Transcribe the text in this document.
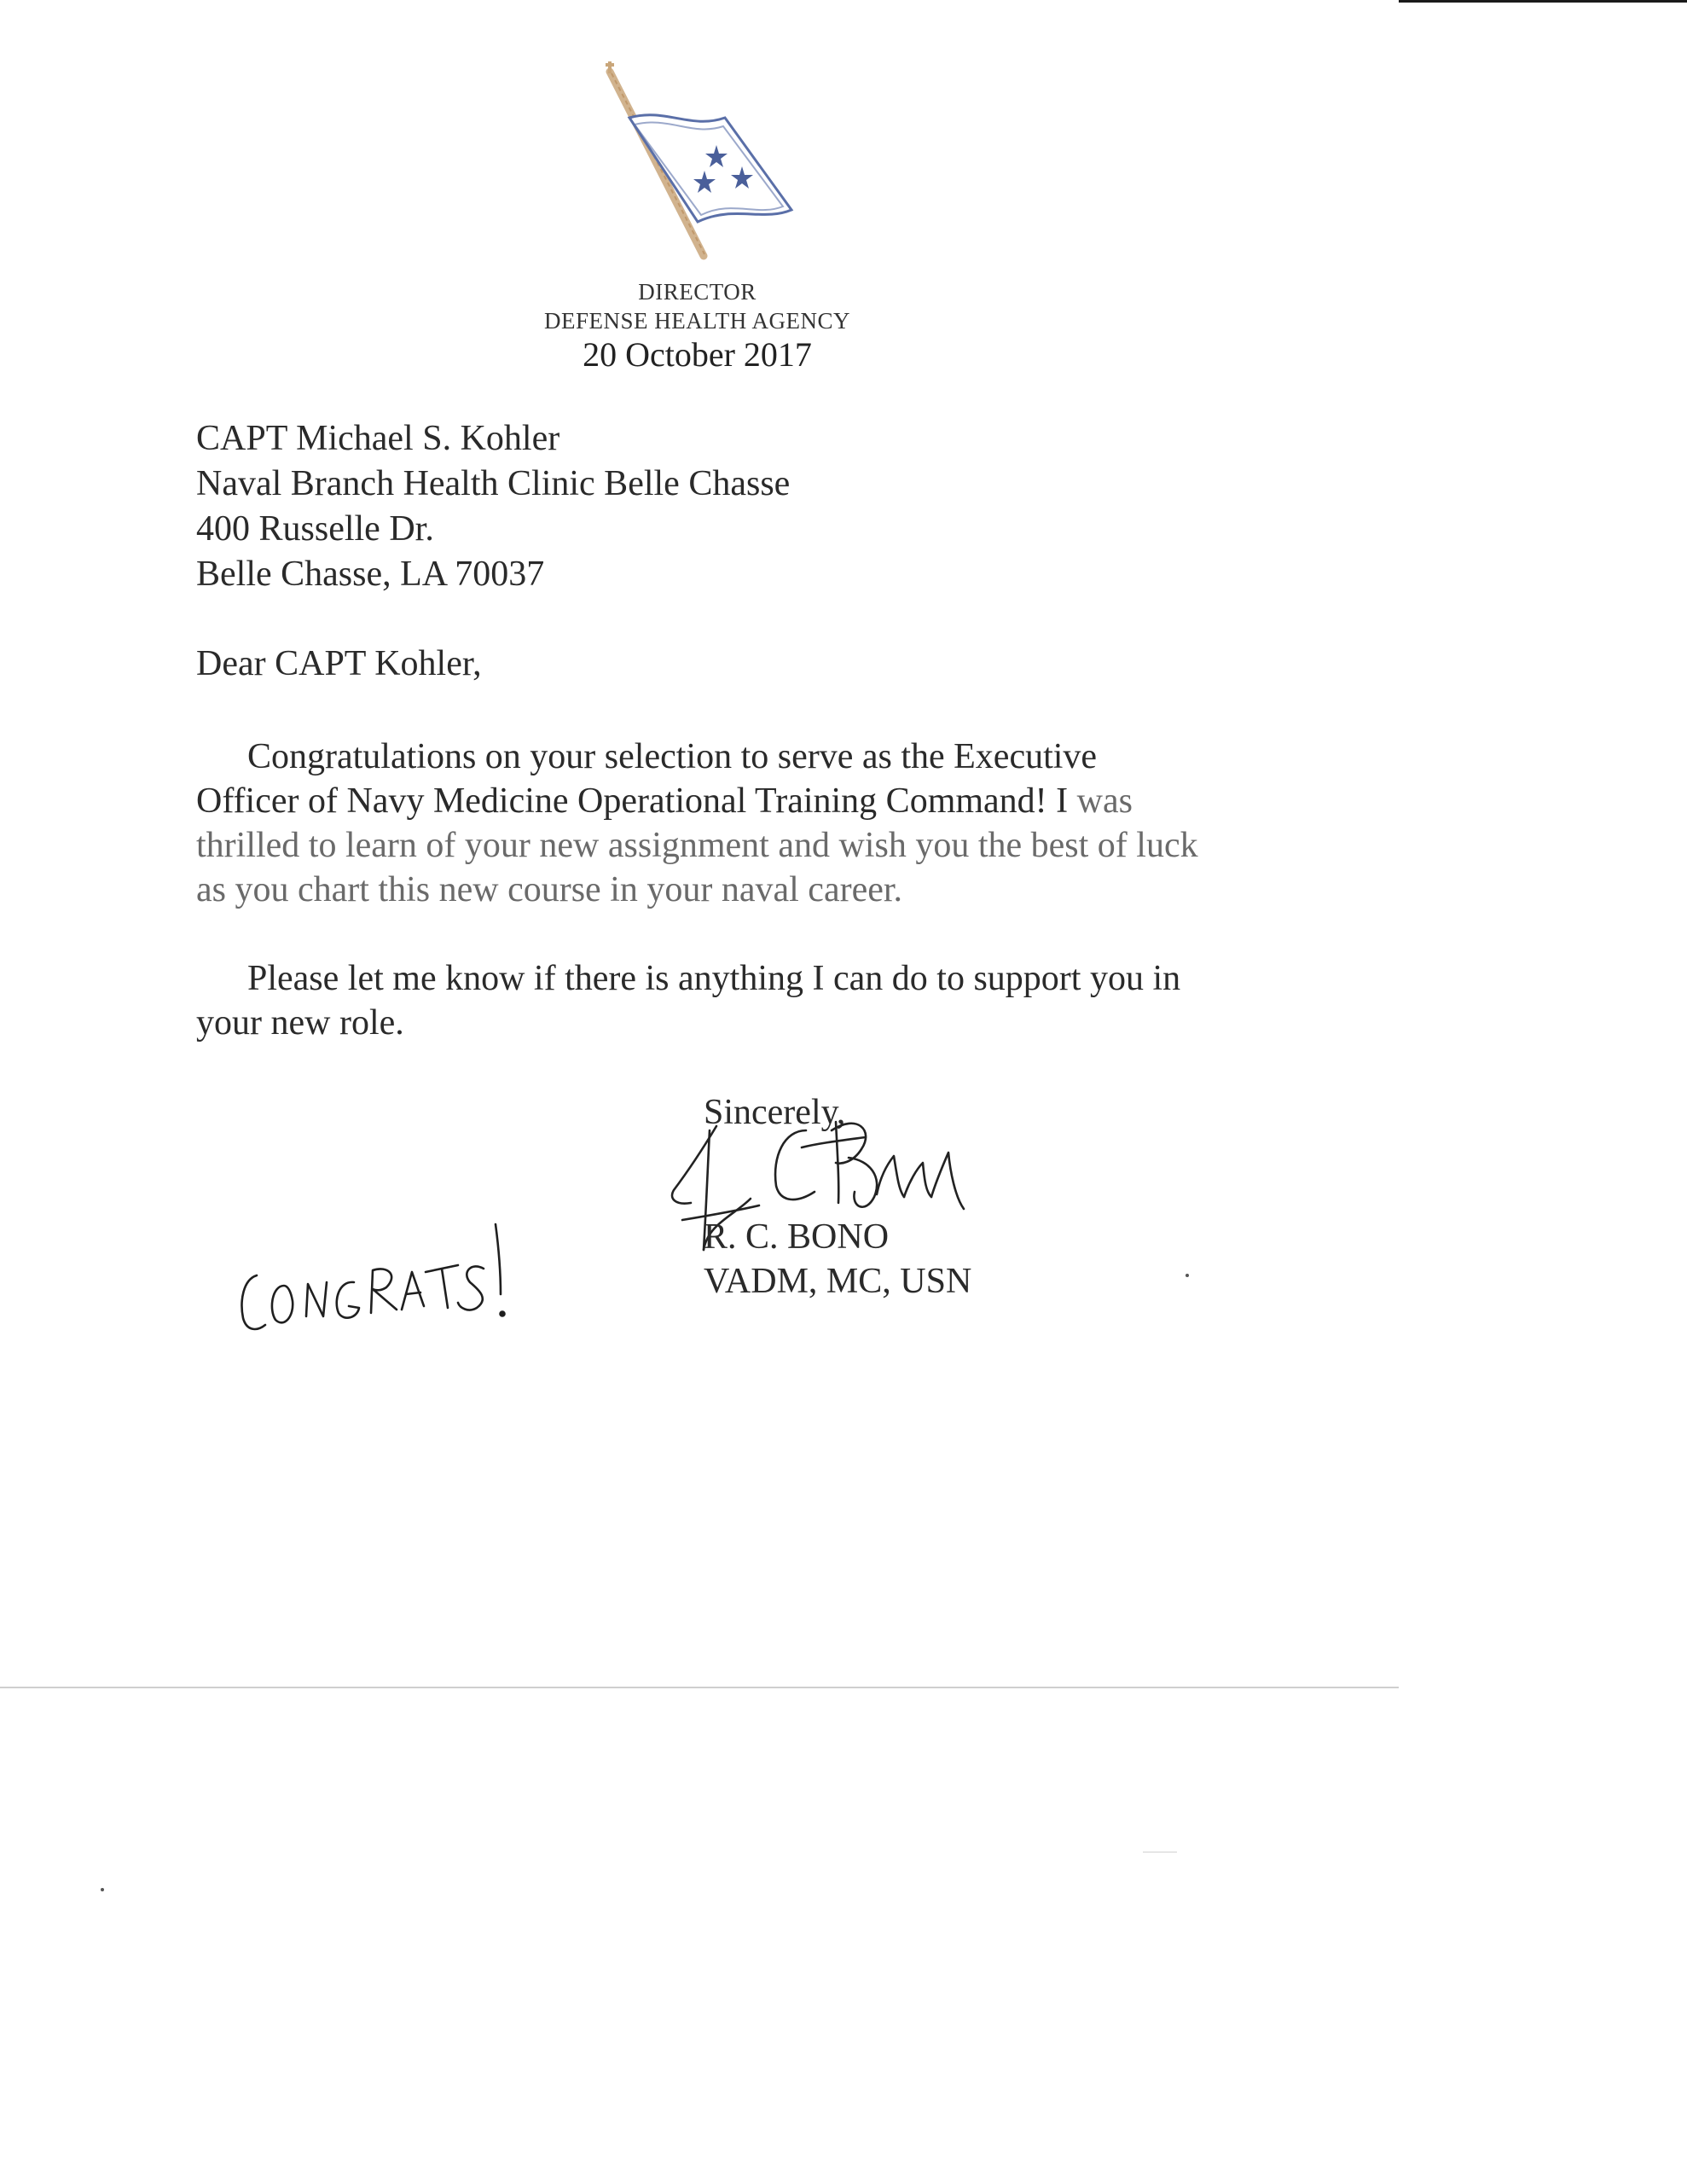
DIRECTOR
DEFENSE HEALTH AGENCY
20 October 2017
CAPT Michael S. Kohler
Naval Branch Health Clinic Belle Chasse
400 Russelle Dr.
Belle Chasse, LA 70037
Dear CAPT Kohler,
Congratulations on your selection to serve as the Executive Officer of Navy Medicine Operational Training Command! I was thrilled to learn of your new assignment and wish you the best of luck as you chart this new course in your naval career.
Please let me know if there is anything I can do to support you in your new role.
Sincerely,
R. C. BONO
VADM, MC, USN
